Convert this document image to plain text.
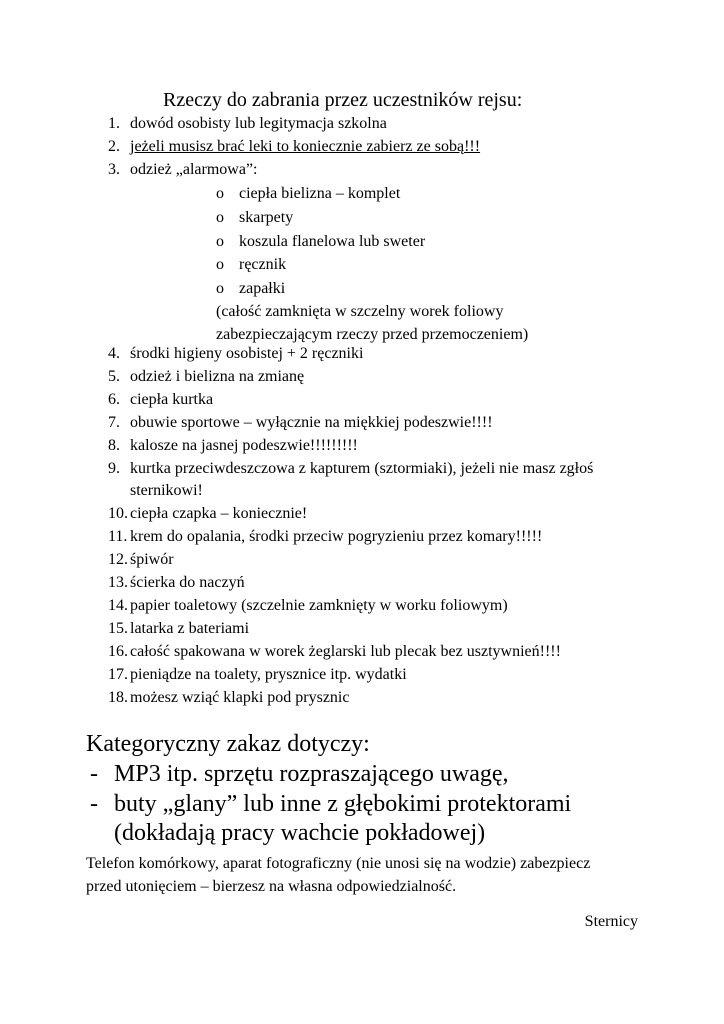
Rzeczy do zabrania przez uczestników rejsu:
1. dowód osobisty lub legitymacja szkolna
2. jeżeli musisz brać leki to koniecznie zabierz ze sobą!!!
3. odzież „alarmowa”:
o ciepła bielizna – komplet
o skarpety
o koszula flanelowa lub sweter
o ręcznik
o zapałki
(całość zamknięta w szczelny worek foliowy
zabezpieczającym rzeczy przed przemoczeniem)
4. środki higieny osobistej + 2 ręczniki
5. odzież i bielizna na zmianę
6. ciepła kurtka
7. obuwie sportowe – wyłącznie na miękkiej podeszwie!!!!
8. kalosze na jasnej podeszwie!!!!!!!!!
9. kurtka przeciwdeszczowa z kapturem (sztormiaki), jeżeli nie masz zgłoś
sternikowi!
10. ciepła czapka – koniecznie!
11. krem do opalania, środki przeciw pogryzieniu przez komary!!!!!
12. śpiwór
13. ścierka do naczyń
14. papier toaletowy (szczelnie zamknięty w worku foliowym)
15. latarka z bateriami
16. całość spakowana w worek żeglarski lub plecak bez usztywnień!!!!
17. pieniądze na toalety, prysznice itp. wydatki
18. możesz wziąć klapki pod prysznic
Kategoryczny zakaz dotyczy:
- MP3 itp. sprzętu rozpraszającego uwagę,
- buty „glany” lub inne z głębokimi protektorami
(dokładają pracy wachcie pokładowej)
Telefon komórkowy, aparat fotograficzny (nie unosi się na wodzie) zabezpiecz
przed utonięciem – bierzesz na własna odpowiedzialność.
Sternicy
